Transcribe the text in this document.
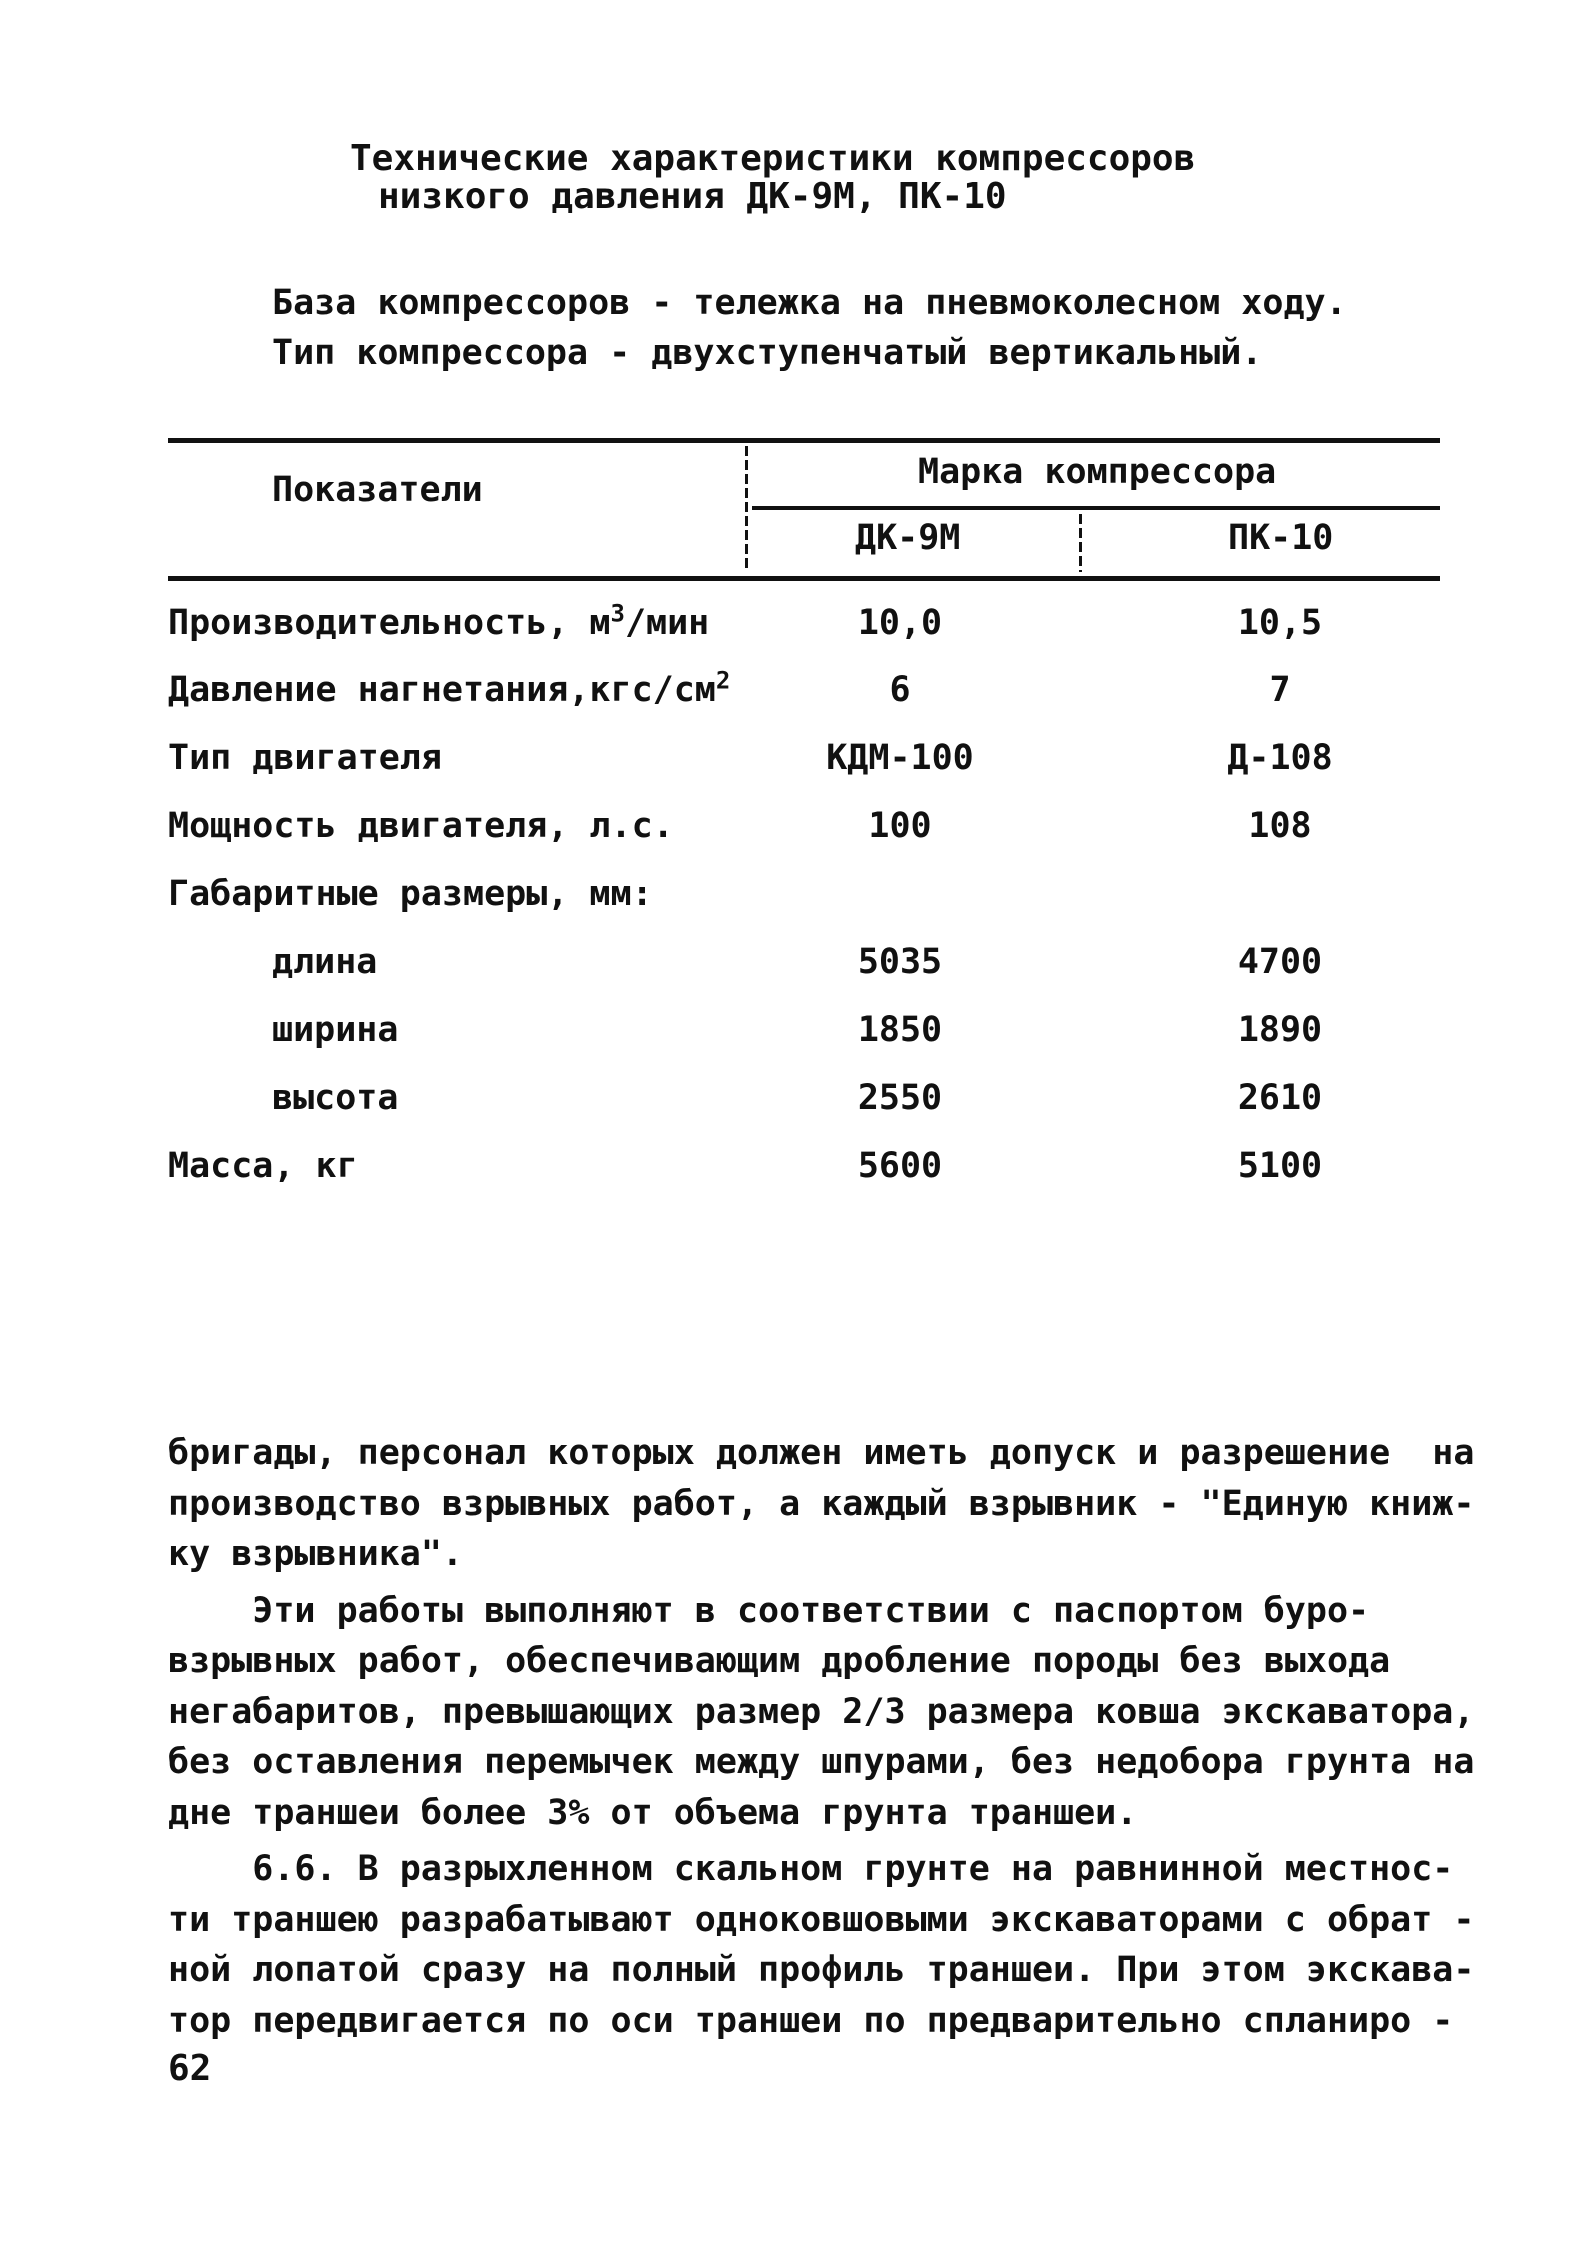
Технические характеристики компрессоров
низкого давления ДК-9М, ПК-10
База компрессоров - тележка на пневмоколесном ходу.
Тип компрессора - двухступенчатый вертикальный.
Показатели	Марка компрессора
ДК-9М	ПК-10
Производительность, $м^3$/мин	10,0	10,5
Давление $нагнетания,кгс/см^2$	6	7
Тип двигателя	КДМ-100	Д-108
Мощность двигателя, л.с.	100	108
Габаритные размеры, мм:
длина	5035	4700
ширина	1850	1890
высота	2550	2610
Масса, кг	5600	5100

бригады, персонал которых должен иметь допуск и разрешение  на

производство взрывных работ, а каждый взрывник - "Единую книж-

ку взрывника".

Эти работы выполняют в соответствии с паспортом буро-

взрывных работ, обеспечивающим дробление породы без выхода

негабаритов, превышающих размер 2/3 размера ковша экскаватора,

без оставления перемычек между шпурами, без недобора грунта на

дне траншеи более 3% от объема грунта траншеи.

6.6. В разрыхленном скальном грунте на равнинной местнос-

ти траншею разрабатывают одноковшовыми экскаваторами с обрат -

ной лопатой сразу на полный профиль траншеи. При этом экскава-

тор передвигается по оси траншеи по предварительно спланиро -

62
